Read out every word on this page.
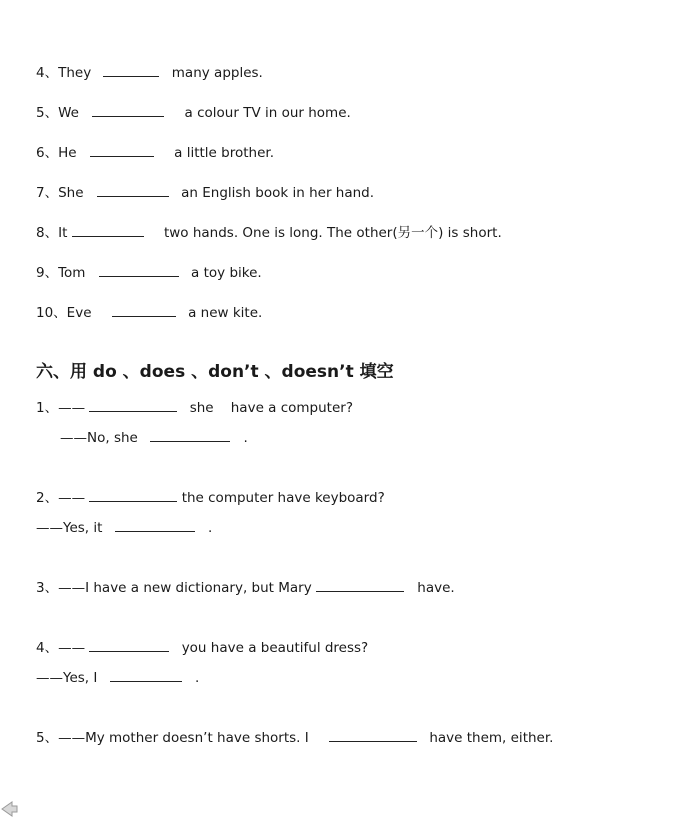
4、They	many apples.
5、We	a colour TV in our home.
6、He	a little brother.
7、She	an English book in her hand.
8、It	two hands. One is long. The other(另一个) is short.
9、Tom	a toy bike.
10、Eve	a new kite.
六、用 do 、does 、don’t 、doesn’t 填空
1、——	she    have a computer?
——No, she	.
2、——	the computer have keyboard?
——Yes, it	.
3、——I have a new dictionary, but Mary	have.
4、——	you have a beautiful dress?
——Yes, I	.
5、——My mother doesn’t have shorts. I	have them, either.
